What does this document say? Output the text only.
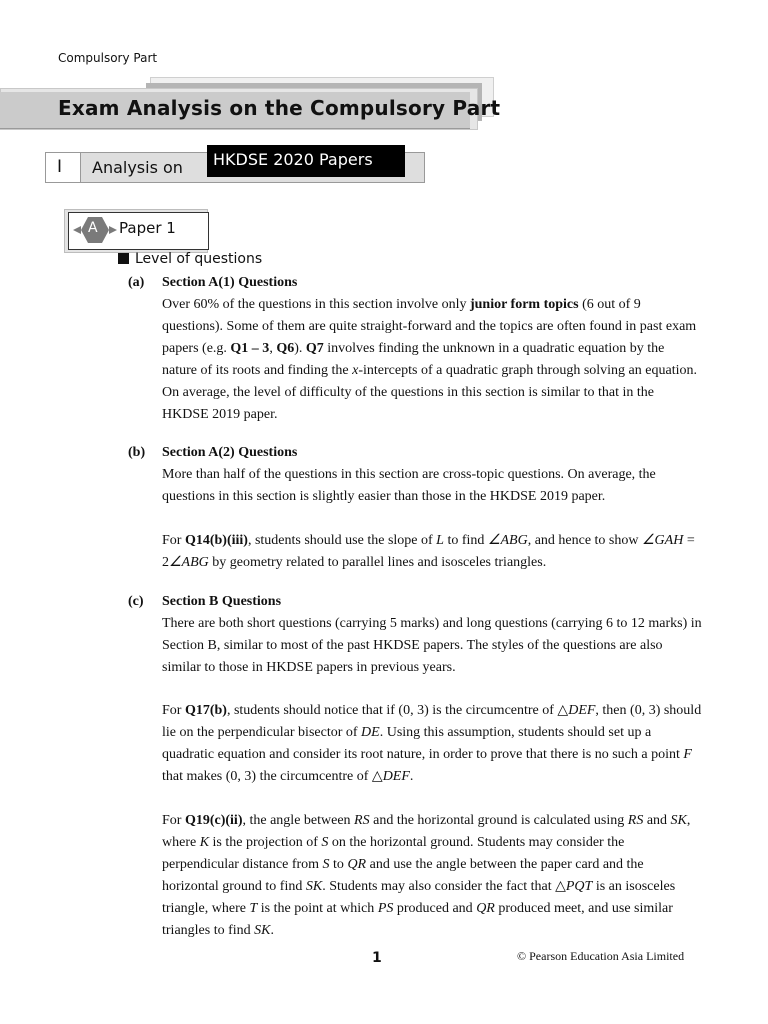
Compulsory Part
Exam Analysis on the Compulsory Part
I Analysis on HKDSE 2020 Papers
A Paper 1
Level of questions
(a) Section A(1) Questions
Over 60% of the questions in this section involve only junior form topics (6 out of 9 questions). Some of them are quite straight-forward and the topics are often found in past exam papers (e.g. Q1 – 3, Q6). Q7 involves finding the unknown in a quadratic equation by the nature of its roots and finding the x-intercepts of a quadratic graph through solving an equation. On average, the level of difficulty of the questions in this section is similar to that in the HKDSE 2019 paper.
(b) Section A(2) Questions
More than half of the questions in this section are cross-topic questions. On average, the questions in this section is slightly easier than those in the HKDSE 2019 paper.
For Q14(b)(iii), students should use the slope of L to find ∠ABG, and hence to show ∠GAH = 2∠ABG by geometry related to parallel lines and isosceles triangles.
(c) Section B Questions
There are both short questions (carrying 5 marks) and long questions (carrying 6 to 12 marks) in Section B, similar to most of the past HKDSE papers. The styles of the questions are also similar to those in HKDSE papers in previous years.
For Q17(b), students should notice that if (0, 3) is the circumcentre of △DEF, then (0, 3) should lie on the perpendicular bisector of DE. Using this assumption, students should set up a quadratic equation and consider its root nature, in order to prove that there is no such a point F that makes (0, 3) the circumcentre of △DEF.
For Q19(c)(ii), the angle between RS and the horizontal ground is calculated using RS and SK, where K is the projection of S on the horizontal ground. Students may consider the perpendicular distance from S to QR and use the angle between the paper card and the horizontal ground to find SK. Students may also consider the fact that △PQT is an isosceles triangle, where T is the point at which PS produced and QR produced meet, and use similar triangles to find SK.
1	© Pearson Education Asia Limited
